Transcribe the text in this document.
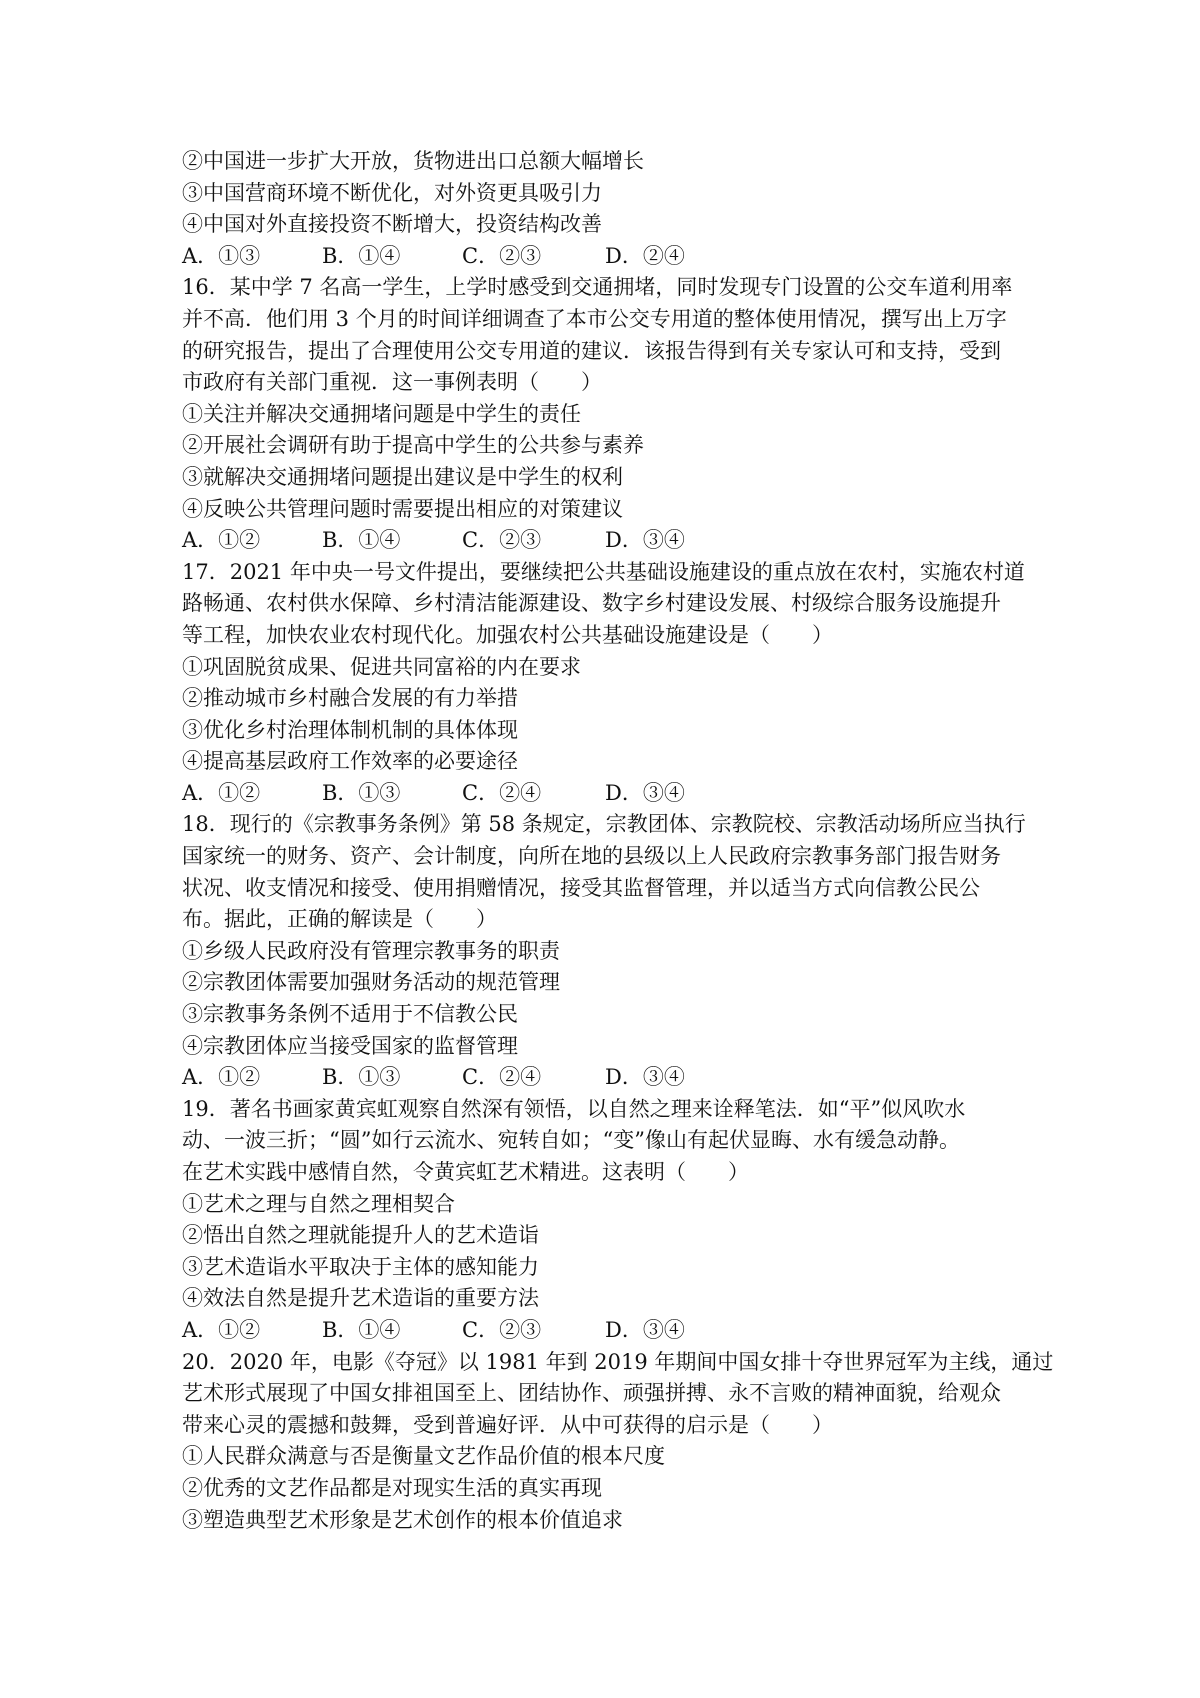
②中国进一步扩大开放，货物进出口总额大幅增长
③中国营商环境不断优化，对外资更具吸引力
④中国对外直接投资不断增大，投资结构改善
A．①③	B．①④	C．②③	D．②④
16．某中学 7 名高一学生，上学时感受到交通拥堵，同时发现专门设置的公交车道利用率
并不高．他们用 3 个月的时间详细调查了本市公交专用道的整体使用情况，撰写出上万字
的研究报告，提出了合理使用公交专用道的建议．该报告得到有关专家认可和支持，受到
市政府有关部门重视．这一事例表明（　　）
①关注并解决交通拥堵问题是中学生的责任
②开展社会调研有助于提高中学生的公共参与素养
③就解决交通拥堵问题提出建议是中学生的权利
④反映公共管理问题时需要提出相应的对策建议
A．①②	B．①④	C．②③	D．③④
17．2021 年中央一号文件提出，要继续把公共基础设施建设的重点放在农村，实施农村道
路畅通、农村供水保障、乡村清洁能源建设、数字乡村建设发展、村级综合服务设施提升
等工程，加快农业农村现代化。加强农村公共基础设施建设是（　　）
①巩固脱贫成果、促进共同富裕的内在要求
②推动城市乡村融合发展的有力举措
③优化乡村治理体制机制的具体体现
④提高基层政府工作效率的必要途径
A．①②	B．①③	C．②④	D．③④
18．现行的《宗教事务条例》第 58 条规定，宗教团体、宗教院校、宗教活动场所应当执行
国家统一的财务、资产、会计制度，向所在地的县级以上人民政府宗教事务部门报告财务
状况、收支情况和接受、使用捐赠情况，接受其监督管理，并以适当方式向信教公民公
布。据此，正确的解读是（　　）
①乡级人民政府没有管理宗教事务的职责
②宗教团体需要加强财务活动的规范管理
③宗教事务条例不适用于不信教公民
④宗教团体应当接受国家的监督管理
A．①②	B．①③	C．②④	D．③④
19．著名书画家黄宾虹观察自然深有领悟，以自然之理来诠释笔法．如“平”似风吹水
动、一波三折；“圆”如行云流水、宛转自如；“变”像山有起伏显晦、水有缓急动静。
在艺术实践中感情自然，令黄宾虹艺术精进。这表明（　　）
①艺术之理与自然之理相契合
②悟出自然之理就能提升人的艺术造诣
③艺术造诣水平取决于主体的感知能力
④效法自然是提升艺术造诣的重要方法
A．①②	B．①④	C．②③	D．③④
20．2020 年，电影《夺冠》以 1981 年到 2019 年期间中国女排十夺世界冠军为主线，通过
艺术形式展现了中国女排祖国至上、团结协作、顽强拼搏、永不言败的精神面貌，给观众
带来心灵的震撼和鼓舞，受到普遍好评．从中可获得的启示是（　　）
①人民群众满意与否是衡量文艺作品价值的根本尺度
②优秀的文艺作品都是对现实生活的真实再现
③塑造典型艺术形象是艺术创作的根本价值追求
